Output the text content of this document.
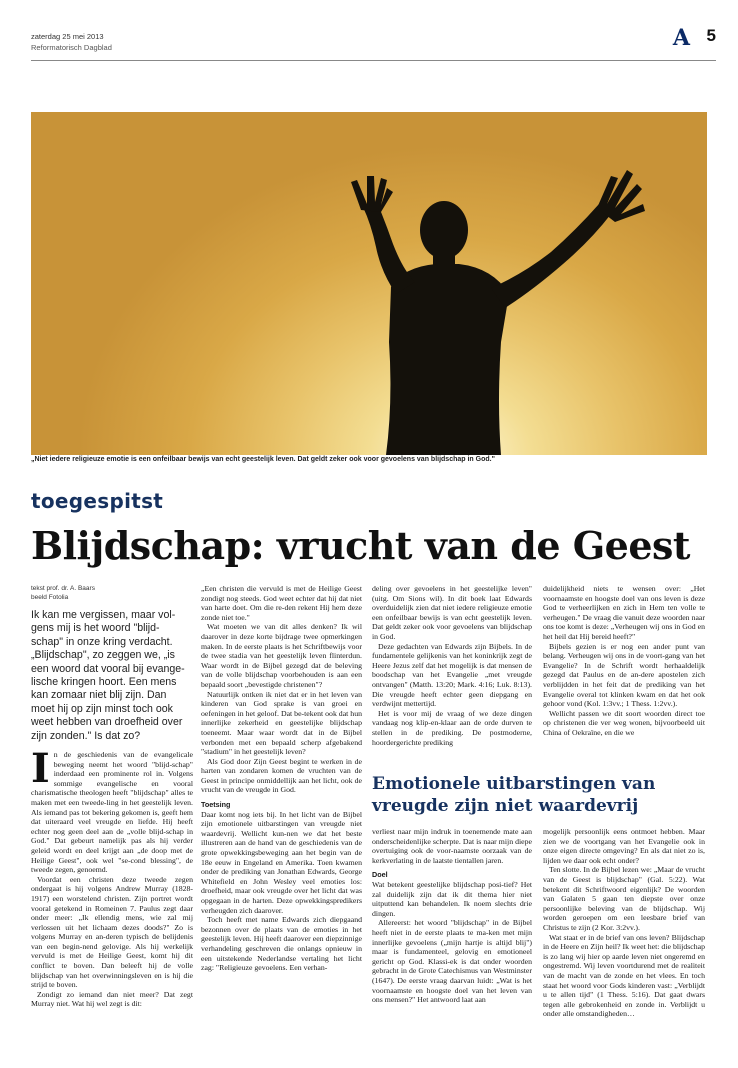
zaterdag 25 mei 2013
Reformatorisch Dagblad	A 5
„Niet iedere religieuze emotie is een onfeilbaar bewijs van echt geestelijk leven. Dat geldt zeker ook voor gevoelens van blijdschap in God."
toegespitst
Blijdschap: vrucht van de Geest
tekst prof. dr. A. Baars
beeld Fotolia
Ik kan me vergissen, maar vol-gens mij is het woord "blijd-schap" in onze kring verdacht. „Blijdschap", zo zeggen we, „is een woord dat vooral bij evange-lische kringen hoort. Een mens kan zomaar niet blij zijn. Dan moet hij op zijn minst toch ook weet hebben van droefheid over zijn zonden." Is dat zo?

In de geschiedenis van de evangelicale beweging neemt het woord "blijd-schap" inderdaad een prominente rol in. Volgens sommige evangelische en vooral charismatische theologen heeft "blijdschap" alles te maken met een tweede-ling in het geestelijk leven. Als iemand pas tot bekering gekomen is, geeft hem dat uiteraard veel vreugde en liefde. Hij heeft echter nog geen deel aan de „volle blijd-schap in God." Dat gebeurt namelijk pas als hij verder geleid wordt en deel krijgt aan „de doop met de Heilige Geest", ook wel "se-cond blessing", de tweede zegen, genoemd.

Voordat een christen deze tweede zegen ondergaat is hij volgens Andrew Murray (1828-1917) een worstelend christen. Zijn portret wordt vooral getekend in Romeinen 7. Paulus zegt daar onder meer: „Ik ellendig mens, wie zal mij verlossen uit het lichaam dezes doods?" Zo is volgens Murray en an-deren typisch de belijdenis van een begin-nend gelovige. Als hij werkelijk vervuld is met de Heilige Geest, komt hij dit conflict te boven. Dan beleeft hij de volle blijdschap van het overwinningsleven en is hij die strijd te boven.

Zondigt zo iemand dan niet meer? Dat zegt Murray niet. Wat hij wel zegt is dit:

„Een christen die vervuld is met de Heilige Geest zondigt nog steeds. God weet echter dat hij dat niet van harte doet. Om die re-den rekent Hij hem deze zonde niet toe."

Wat moeten we van dit alles denken? Ik wil daarover in deze korte bijdrage twee opmerkingen maken. In de eerste plaats is het Schriftbewijs voor de twee stadia van het geestelijk leven flinterdun. Waar wordt in de Bijbel gezegd dat de beleving van de volle blijdschap voorbehouden is aan een bepaald soort „bevestigde christenen"?

Natuurlijk ontken ik niet dat er in het leven van kinderen van God sprake is van groei en oefeningen in het geloof. Dat be-tekent ook dat hun innerlijke zekerheid en geestelijke blijdschap toeneemt. Maar waar wordt dat in de Bijbel verbonden met een bepaald scherp afgebakend "stadium" in het geestelijk leven?

Als God door Zijn Geest begint te werken in de harten van zondaren komen de vruchten van de Geest in principe onmiddellijk aan het licht, ook de vrucht van de vreugde in God.

Toetsing

Daar komt nog iets bij. In het licht van de Bijbel zijn emotionele uitbarstingen van vreugde niet waardevrij. Wellicht kun-nen we dat het beste illustreren aan de hand van de geschiedenis van de grote opwekkingsbeweging aan het begin van de 18e eeuw in Engeland en Amerika. Toen kwamen onder de prediking van Jonathan Edwards, George Whitefield en John Wesley veel emoties los: droefheid, maar ook vreugde over het licht dat was opgegaan in de harten. Deze opwekkingspredikers verheugden zich daarover.

Toch heeft met name Edwards zich diepgaand bezonnen over de plaats van de emoties in het geestelijk leven. Hij heeft daarover een diepzinnige verhandeling geschreven die onlangs opnieuw in een uitstekende Nederlandse vertaling het licht zag: "Religieuze gevoelens. Een verhan-

deling over gevoelens in het geestelijke leven" (uitg. Om Sions wil). In dit boek laat Edwards overduidelijk zien dat niet iedere religieuze emotie een onfeilbaar bewijs is van echt geestelijk leven. Dat geldt zeker ook voor gevoelens van blijdschap in God.

Deze gedachten van Edwards zijn Bijbels. In de fundamentele gelijkenis van het koninkrijk zegt de Heere Jezus zelf dat het mogelijk is dat mensen de boodschap van het Evangelie „met vreugde ontvangen" (Matth. 13:20; Mark. 4:16; Luk. 8:13). Die vreugde heeft echter geen diepgang en verdwijnt mettertijd.

Het is voor mij de vraag of we deze dingen vandaag nog klip-en-klaar aan de orde durven te stellen in de prediking. De postmoderne, hoordergerichte prediking

duidelijkheid niets te wensen over: „Het voornaamste en hoogste doel van ons leven is deze God te verheerlijken en zich in Hem ten volle te verheugen." De vraag die vanuit deze woorden naar ons toe komt is deze: „Verheugen wij ons in God en het heil dat Hij bereid heeft?"

Bijbels gezien is er nog een ander punt van belang. Verheugen wij ons in de voort-gang van het Evangelie? In de Schrift wordt herhaaldelijk gezegd dat Paulus en de an-dere apostelen zich verblijdden in het feit dat de prediking van het Evangelie overal tot klinken kwam en dat het ook gehoor vond (Kol. 1:3vv.; 1 Thess. 1:2vv.).

Wellicht passen we dit soort woorden direct toe op christenen die ver weg wonen, bijvoorbeeld uit China of Oekraïne, en die we

Emotionele uitbarstingen van vreugde zijn niet waardevrij

verliest naar mijn indruk in toenemende mate aan onderscheidenlijke scherpte. Dat is naar mijn diepe overtuiging ook de voor-naamste oorzaak van de kerkverlating in de laatste tientallen jaren.

Doel

Wat betekent geestelijke blijdschap posi-tief? Het zal duidelijk zijn dat ik dit thema hier niet uitputtend kan behandelen. Ik noem slechts drie dingen.

Allereerst: het woord "blijdschap" in de Bijbel heeft niet in de eerste plaats te ma-ken met mijn innerlijke gevoelens („mijn hartje is altijd blij") maar is fundamenteel, gelovig en emotioneel gericht op God. Klassi-ek is dat onder woorden gebracht in de Grote Catechismus van Westminster (1647). De eerste vraag daarvan luidt: „Wat is het voornaamste en hoogste doel van het leven van ons mensen?" Het antwoord laat aan

mogelijk persoonlijk eens ontmoet hebben. Maar zien we de voortgang van het Evangelie ook in onze eigen directe omgeving? En als dat niet zo is, lijden we daar ook echt onder?

Ten slotte. In de Bijbel lezen we: „Maar de vrucht van de Geest is blijdschap" (Gal. 5:22). Wat betekent dit Schriftwoord eigenlijk? De woorden van Galaten 5 gaan ten diepste over onze persoonlijke beleving van de blijdschap. Wij worden geroepen om een leesbare brief van Christus te zijn (2 Kor. 3:2vv.).

Wat staat er in de brief van ons leven? Blijdschap in de Heere en Zijn heil? Ik weet het: die blijdschap is zo lang wij hier op aarde leven niet ongeremd en ongestremd. Wij leven voortdurend met de realiteit van de macht van de zonde en het vlees. En toch staat het woord voor Gods kinderen vast: „Verblijdt u te allen tijd" (1 Thess. 5:16). Dat gaat dwars tegen alle gebrokenheid en zonde in. Verblijdt u onder alle omstandigheden…
